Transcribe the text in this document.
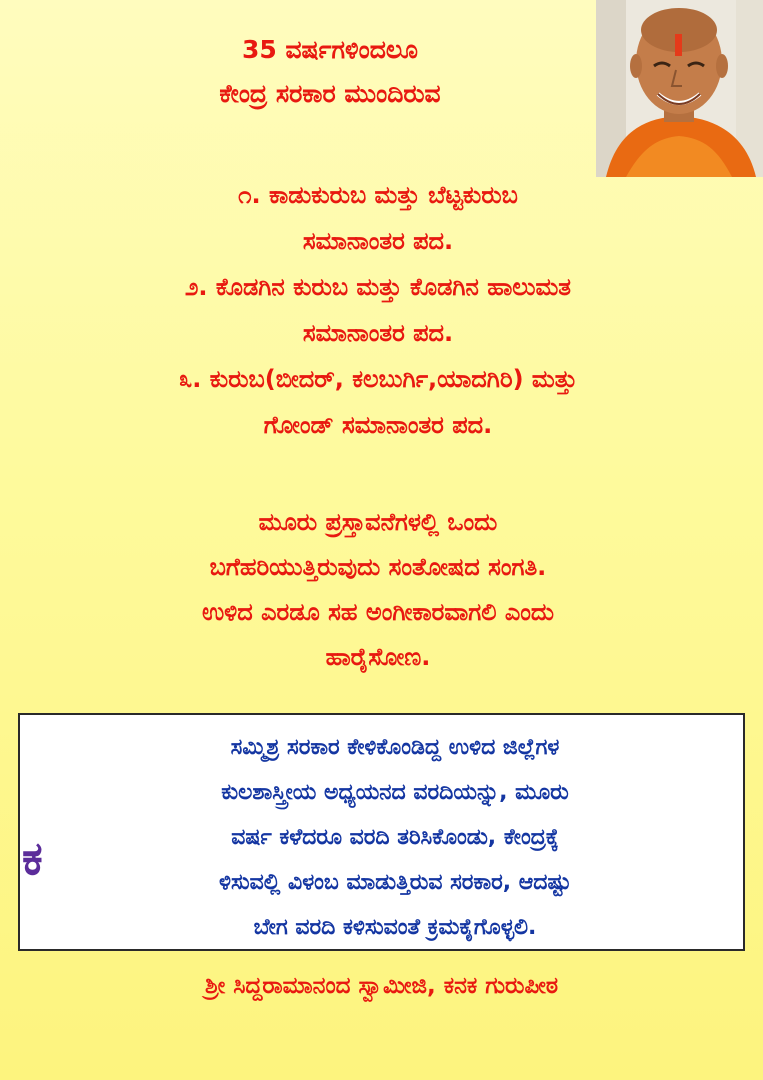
35 ವರ್ಷಗಳಿಂದಲೂ
ಕೇಂದ್ರ ಸರಕಾರ ಮುಂದಿರುವ
೧. ಕಾಡುಕುರುಬ ಮತ್ತು ಬೆಟ್ಟಕುರುಬ
ಸಮಾನಾಂತರ ಪದ.
೨. ಕೊಡಗಿನ ಕುರುಬ ಮತ್ತು ಕೊಡಗಿನ ಹಾಲುಮತ
ಸಮಾನಾಂತರ ಪದ.
೩. ಕುರುಬ(ಬೀದರ್, ಕಲಬುರ್ಗಿ,ಯಾದಗಿರಿ) ಮತ್ತು
ಗೋಂಡ್ ಸಮಾನಾಂತರ ಪದ.
ಮೂರು ಪ್ರಸ್ತಾವನೆಗಳಲ್ಲಿ ಒಂದು
ಬಗೆಹರಿಯುತ್ತಿರುವುದು ಸಂತೋಷದ ಸಂಗತಿ.
ಉಳಿದ ಎರಡೂ ಸಹ ಅಂಗೀಕಾರವಾಗಲಿ ಎಂದು
ಹಾರೈಸೋಣ.
ಕ
ಸಮ್ಮಿಶ್ರ ಸರಕಾರ ಕೇಳಿಕೊಂಡಿದ್ದ ಉಳಿದ ಜಿಲ್ಲೆಗಳ
ಕುಲಶಾಸ್ತ್ರೀಯ ಅಧ್ಯಯನದ ವರದಿಯನ್ನು, ಮೂರು
ವರ್ಷ ಕಳೆದರೂ ವರದಿ ತರಿಸಿಕೊಂಡು, ಕೇಂದ್ರಕ್ಕೆ
ಳಿಸುವಲ್ಲಿ ವಿಳಂಬ ಮಾಡುತ್ತಿರುವ ಸರಕಾರ, ಆದಷ್ಟು
ಬೇಗ ವರದಿ ಕಳಿಸುವಂತೆ ಕ್ರಮಕೈಗೊಳ್ಳಲಿ.
ಶ್ರೀ ಸಿದ್ದರಾಮಾನಂದ ಸ್ವಾಮೀಜಿ, ಕನಕ ಗುರುಪೀಠ
